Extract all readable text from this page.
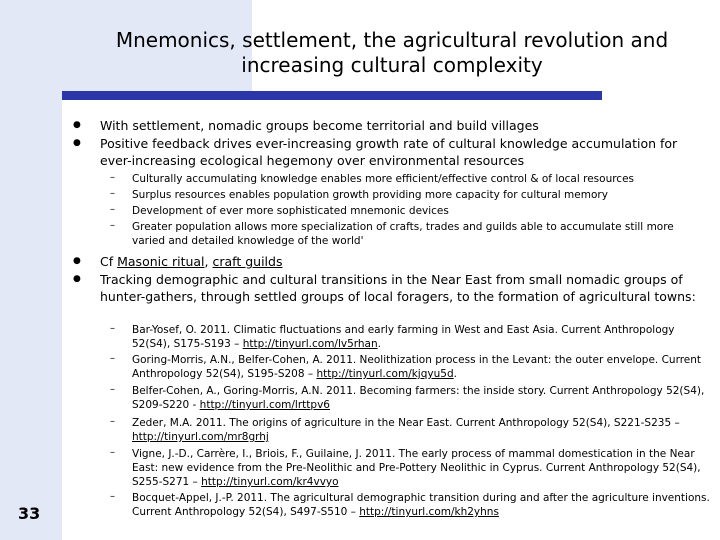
Mnemonics, settlement, the agricultural revolution and
increasing cultural complexity
33
● With settlement, nomadic groups become territorial and build villages
● Positive feedback drives ever-increasing growth rate of cultural knowledge accumulation for ever-increasing ecological hegemony over environmental resources
– Culturally accumulating knowledge enables more efficient/effective control & of local resources
– Surplus resources enables population growth providing more capacity for cultural memory
– Development of ever more sophisticated mnemonic devices
– Greater population allows more specialization of crafts, trades and guilds able to accumulate still more varied and detailed knowledge of the world'
● Cf Masonic ritual, craft guilds
● Tracking demographic and cultural transitions in the Near East from small nomadic groups of hunter-gathers, through settled groups of local foragers, to the formation of agricultural towns:
– Bar-Yosef, O. 2011. Climatic fluctuations and early farming in West and East Asia. Current Anthropology 52(S4), S175-S193 – http://tinyurl.com/lv5rhan.
– Goring-Morris, A.N., Belfer-Cohen, A. 2011. Neolithization process in the Levant: the outer envelope. Current Anthropology 52(S4), S195-S208 – http://tinyurl.com/kjqyu5d.
– Belfer-Cohen, A., Goring-Morris, A.N. 2011. Becoming farmers: the inside story. Current Anthropology 52(S4), S209-S220 - http://tinyurl.com/lrttpv6
– Zeder, M.A. 2011. The origins of agriculture in the Near East. Current Anthropology 52(S4), S221-S235 – http://tinyurl.com/mr8grhj
– Vigne, J.-D., Carrère, I., Briois, F., Guilaine, J. 2011. The early process of mammal domestication in the Near East: new evidence from the Pre-Neolithic and Pre-Pottery Neolithic in Cyprus. Current Anthropology 52(S4), S255-S271 – http://tinyurl.com/kr4vvyo
– Bocquet-Appel, J.-P. 2011. The agricultural demographic transition during and after the agriculture inventions. Current Anthropology 52(S4), S497-S510 – http://tinyurl.com/kh2yhns
